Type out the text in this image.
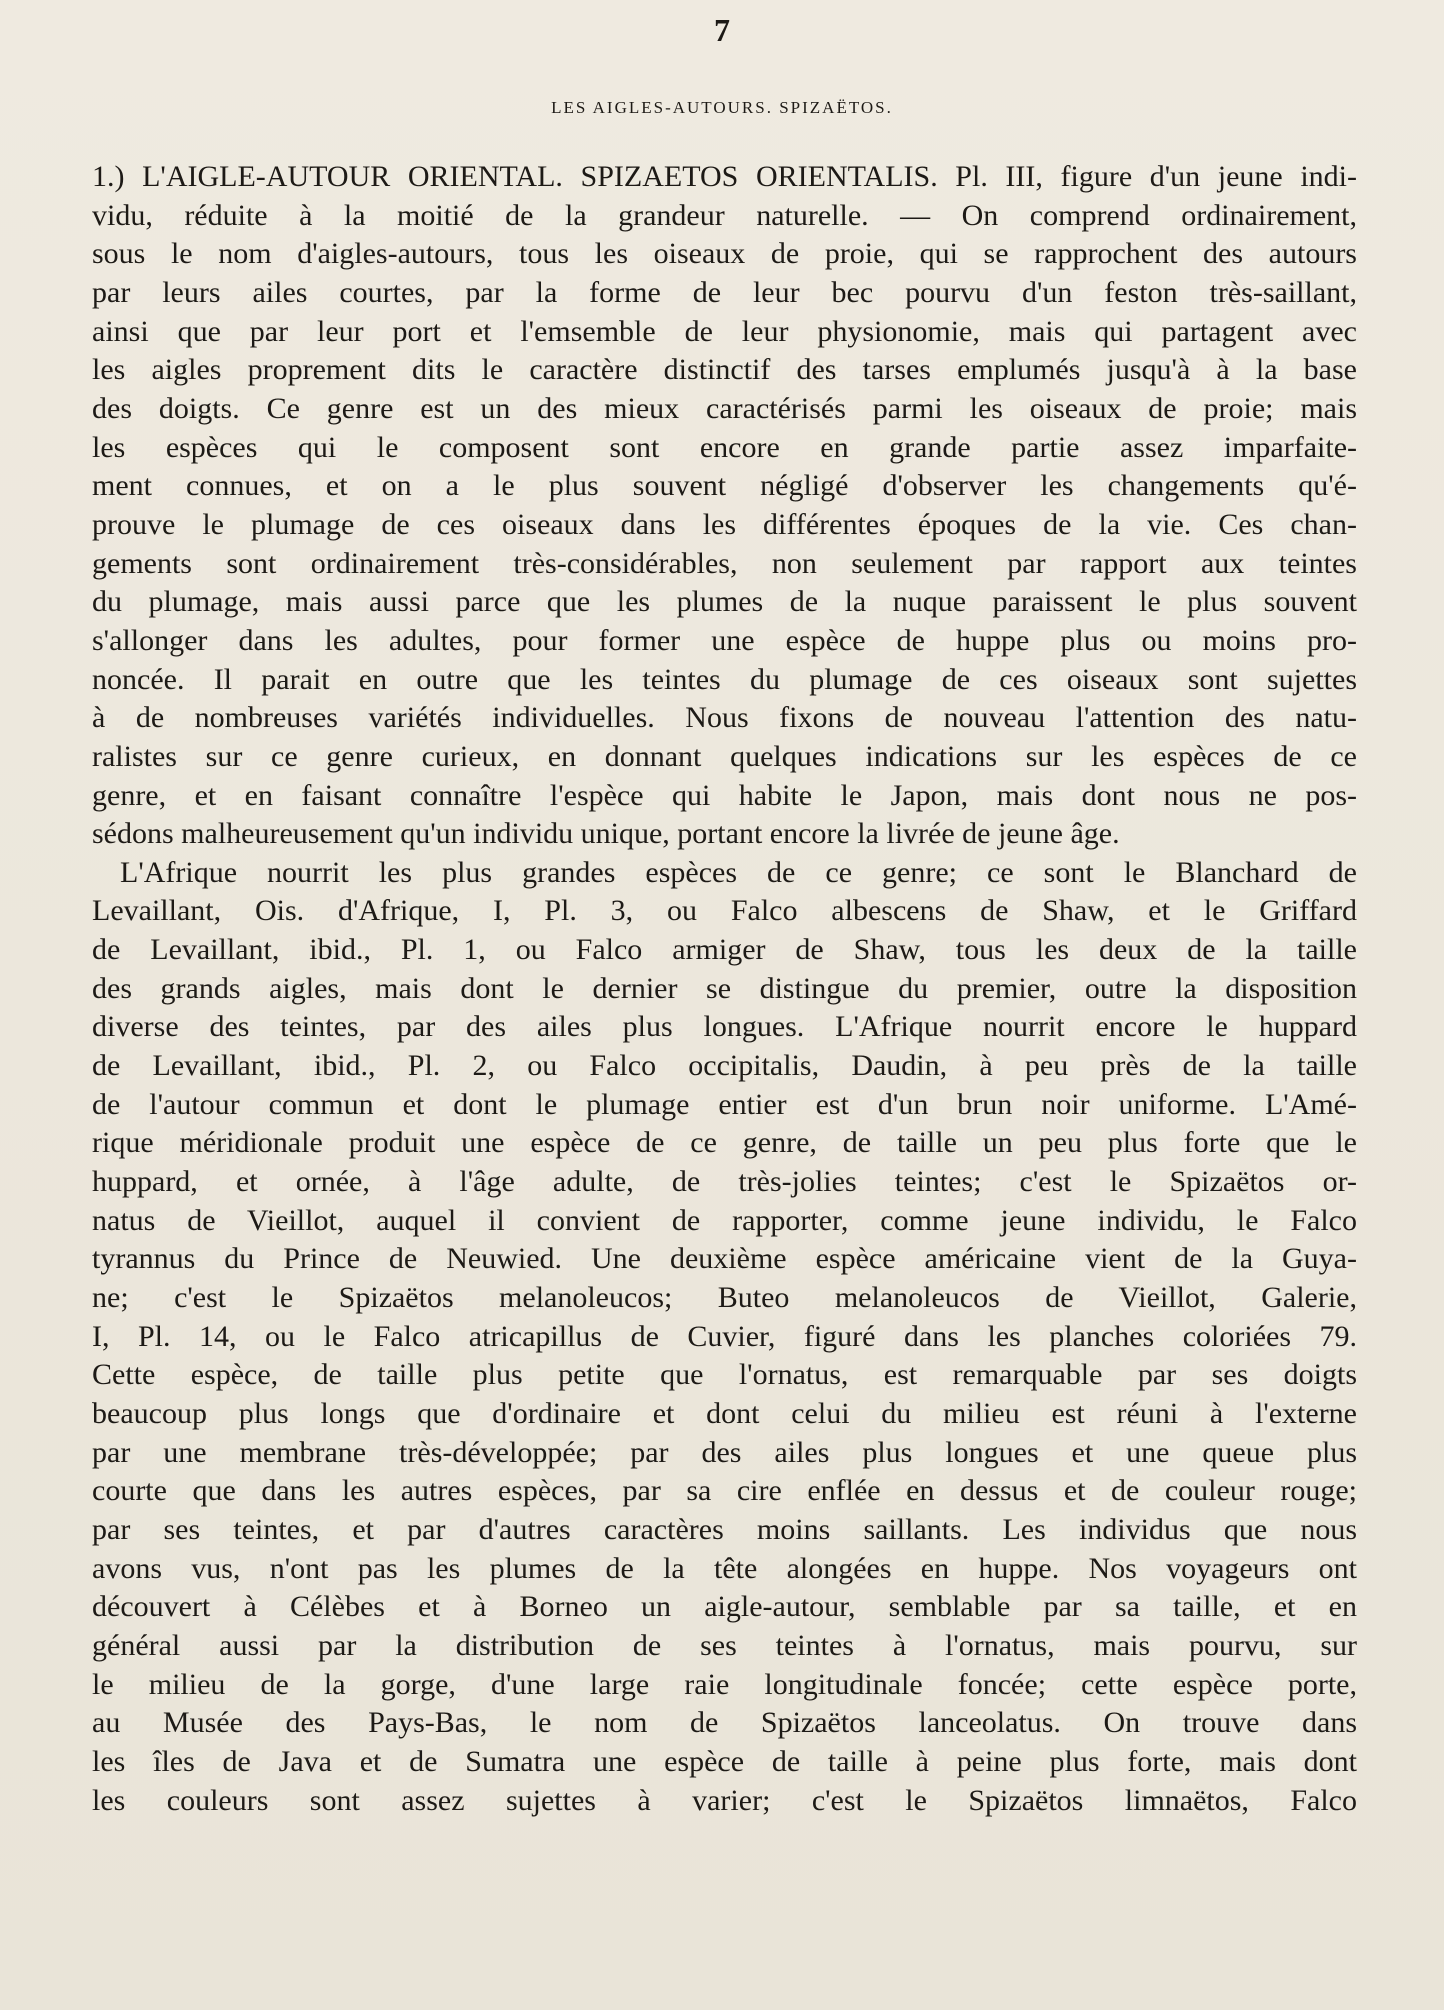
7
LES AIGLES-AUTOURS. SPIZAËTOS.
1.) L'AIGLE-AUTOUR ORIENTAL. SPIZAETOS ORIENTALIS. Pl. III, figure d'un jeune indi-
vidu, réduite à la moitié de la grandeur naturelle. — On comprend ordinairement,
sous le nom d'aigles-autours, tous les oiseaux de proie, qui se rapprochent des autours
par leurs ailes courtes, par la forme de leur bec pourvu d'un feston très-saillant,
ainsi que par leur port et l'emsemble de leur physionomie, mais qui partagent avec
les aigles proprement dits le caractère distinctif des tarses emplumés jusqu'à à la base
des doigts. Ce genre est un des mieux caractérisés parmi les oiseaux de proie; mais
les espèces qui le composent sont encore en grande partie assez imparfaite-
ment connues, et on a le plus souvent négligé d'observer les changements qu'é-
prouve le plumage de ces oiseaux dans les différentes époques de la vie. Ces chan-
gements sont ordinairement très-considérables, non seulement par rapport aux teintes
du plumage, mais aussi parce que les plumes de la nuque paraissent le plus souvent
s'allonger dans les adultes, pour former une espèce de huppe plus ou moins pro-
noncée. Il parait en outre que les teintes du plumage de ces oiseaux sont sujettes
à de nombreuses variétés individuelles. Nous fixons de nouveau l'attention des natu-
ralistes sur ce genre curieux, en donnant quelques indications sur les espèces de ce
genre, et en faisant connaître l'espèce qui habite le Japon, mais dont nous ne pos-
sédons malheureusement qu'un individu unique, portant encore la livrée de jeune âge.
L'Afrique nourrit les plus grandes espèces de ce genre; ce sont le Blanchard de
Levaillant, Ois. d'Afrique, I, Pl. 3, ou Falco albescens de Shaw, et le Griffard
de Levaillant, ibid., Pl. 1, ou Falco armiger de Shaw, tous les deux de la taille
des grands aigles, mais dont le dernier se distingue du premier, outre la disposition
diverse des teintes, par des ailes plus longues. L'Afrique nourrit encore le huppard
de Levaillant, ibid., Pl. 2, ou Falco occipitalis, Daudin, à peu près de la taille
de l'autour commun et dont le plumage entier est d'un brun noir uniforme. L'Amé-
rique méridionale produit une espèce de ce genre, de taille un peu plus forte que le
huppard, et ornée, à l'âge adulte, de très-jolies teintes; c'est le Spizaëtos or-
natus de Vieillot, auquel il convient de rapporter, comme jeune individu, le Falco
tyrannus du Prince de Neuwied. Une deuxième espèce américaine vient de la Guya-
ne; c'est le Spizaëtos melanoleucos; Buteo melanoleucos de Vieillot, Galerie,
I, Pl. 14, ou le Falco atricapillus de Cuvier, figuré dans les planches coloriées 79.
Cette espèce, de taille plus petite que l'ornatus, est remarquable par ses doigts
beaucoup plus longs que d'ordinaire et dont celui du milieu est réuni à l'externe
par une membrane très-développée; par des ailes plus longues et une queue plus
courte que dans les autres espèces, par sa cire enflée en dessus et de couleur rouge;
par ses teintes, et par d'autres caractères moins saillants. Les individus que nous
avons vus, n'ont pas les plumes de la tête alongées en huppe. Nos voyageurs ont
découvert à Célèbes et à Borneo un aigle-autour, semblable par sa taille, et en
général aussi par la distribution de ses teintes à l'ornatus, mais pourvu, sur
le milieu de la gorge, d'une large raie longitudinale foncée; cette espèce porte,
au Musée des Pays-Bas, le nom de Spizaëtos lanceolatus. On trouve dans
les îles de Java et de Sumatra une espèce de taille à peine plus forte, mais dont
les couleurs sont assez sujettes à varier; c'est le Spizaëtos limnaëtos, Falco
